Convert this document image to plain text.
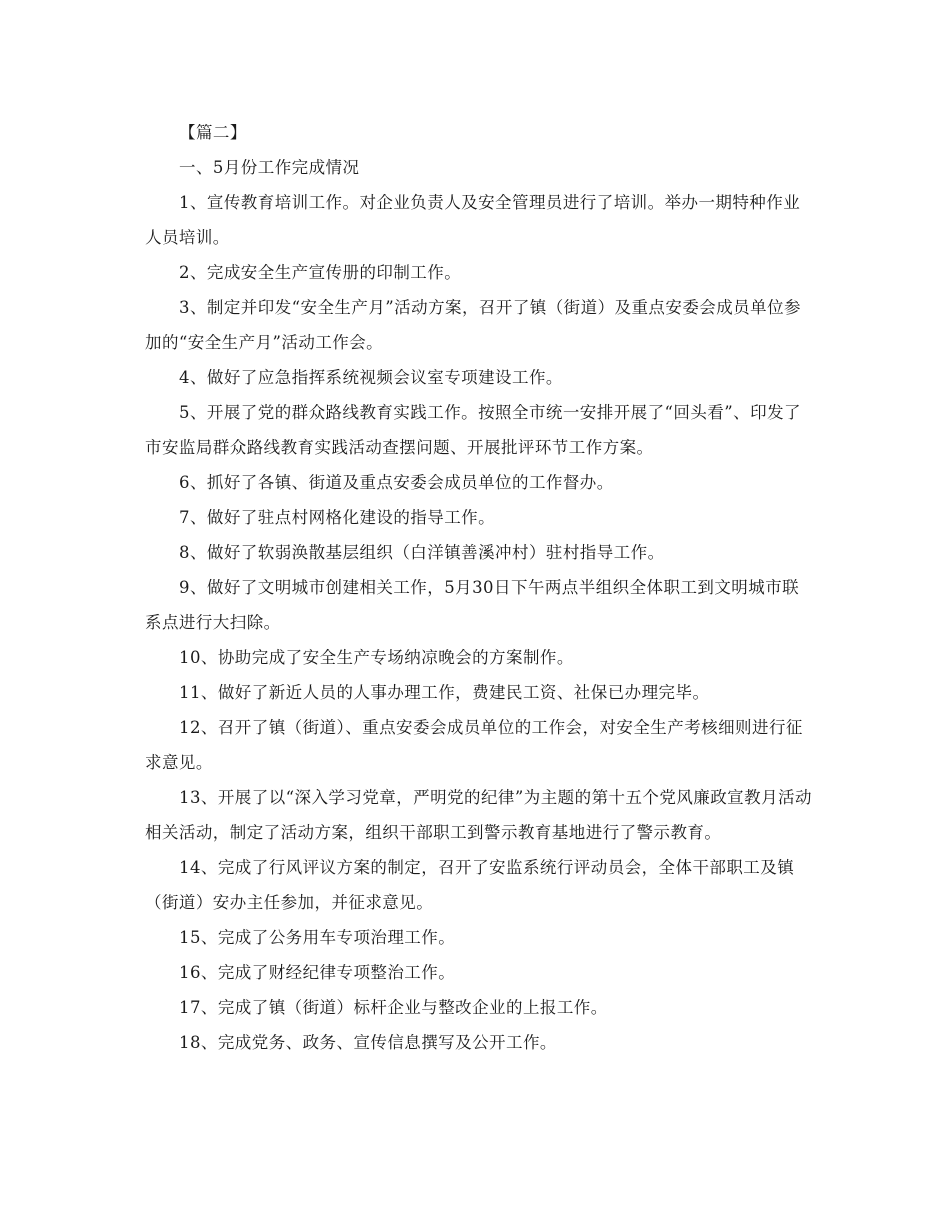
【篇二】

一、5月份工作完成情况

1、宣传教育培训工作。对企业负责人及安全管理员进行了培训。举办一期特种作业人员培训。

2、完成安全生产宣传册的印制工作。

3、制定并印发“安全生产月”活动方案，召开了镇（街道）及重点安委会成员单位参加的“安全生产月”活动工作会。

4、做好了应急指挥系统视频会议室专项建设工作。

5、开展了党的群众路线教育实践工作。按照全市统一安排开展了“回头看”、印发了市安监局群众路线教育实践活动查摆问题、开展批评环节工作方案。

6、抓好了各镇、街道及重点安委会成员单位的工作督办。

7、做好了驻点村网格化建设的指导工作。

8、做好了软弱涣散基层组织（白洋镇善溪冲村）驻村指导工作。

9、做好了文明城市创建相关工作，5月30日下午两点半组织全体职工到文明城市联系点进行大扫除。

10、协助完成了安全生产专场纳凉晚会的方案制作。

11、做好了新近人员的人事办理工作，费建民工资、社保已办理完毕。

12、召开了镇（街道）、重点安委会成员单位的工作会，对安全生产考核细则进行征求意见。

13、开展了以“深入学习党章，严明党的纪律”为主题的第十五个党风廉政宣教月活动相关活动，制定了活动方案，组织干部职工到警示教育基地进行了警示教育。

14、完成了行风评议方案的制定，召开了安监系统行评动员会，全体干部职工及镇（街道）安办主任参加，并征求意见。

15、完成了公务用车专项治理工作。

16、完成了财经纪律专项整治工作。

17、完成了镇（街道）标杆企业与整改企业的上报工作。

18、完成党务、政务、宣传信息撰写及公开工作。
